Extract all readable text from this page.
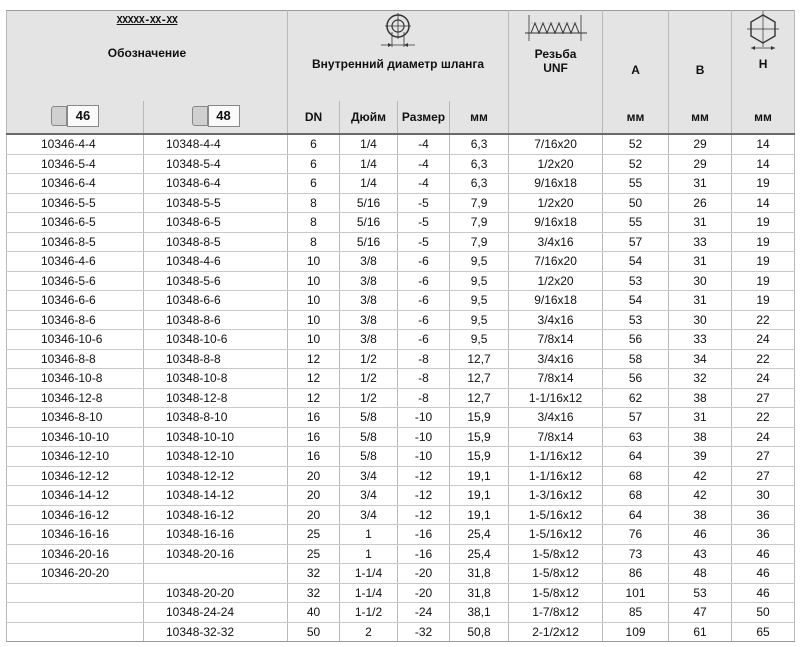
XXXXX-XX-XX
Обозначение		Внутренний диаметр шланга				Резьба
UNF	A	B	H

46	48	DN	Дюйм	Размер	мм		мм	мм	мм
10346-4-4	10348-4-4	6	1/4	-4	6,3	7/16x20	52	29	14
10346-5-4	10348-5-4	6	1/4	-4	6,3	1/2x20	52	29	14
10346-6-4	10348-6-4	6	1/4	-4	6,3	9/16x18	55	31	19
10346-5-5	10348-5-5	8	5/16	-5	7,9	1/2x20	50	26	14
10346-6-5	10348-6-5	8	5/16	-5	7,9	9/16x18	55	31	19
10346-8-5	10348-8-5	8	5/16	-5	7,9	3/4x16	57	33	19
10346-4-6	10348-4-6	10	3/8	-6	9,5	7/16x20	54	31	19
10346-5-6	10348-5-6	10	3/8	-6	9,5	1/2x20	53	30	19
10346-6-6	10348-6-6	10	3/8	-6	9,5	9/16x18	54	31	19
10346-8-6	10348-8-6	10	3/8	-6	9,5	3/4x16	53	30	22
10346-10-6	10348-10-6	10	3/8	-6	9,5	7/8x14	56	33	24
10346-8-8	10348-8-8	12	1/2	-8	12,7	3/4x16	58	34	22
10346-10-8	10348-10-8	12	1/2	-8	12,7	7/8x14	56	32	24
10346-12-8	10348-12-8	12	1/2	-8	12,7	1-1/16x12	62	38	27
10346-8-10	10348-8-10	16	5/8	-10	15,9	3/4x16	57	31	22
10346-10-10	10348-10-10	16	5/8	-10	15,9	7/8x14	63	38	24
10346-12-10	10348-12-10	16	5/8	-10	15,9	1-1/16x12	64	39	27
10346-12-12	10348-12-12	20	3/4	-12	19,1	1-1/16x12	68	42	27
10346-14-12	10348-14-12	20	3/4	-12	19,1	1-3/16x12	68	42	30
10346-16-12	10348-16-12	20	3/4	-12	19,1	1-5/16x12	64	38	36
10346-16-16	10348-16-16	25	1	-16	25,4	1-5/16x12	76	46	36
10346-20-16	10348-20-16	25	1	-16	25,4	1-5/8x12	73	43	46
10346-20-20		32	1-1/4	-20	31,8	1-5/8x12	86	48	46
	10348-20-20	32	1-1/4	-20	31,8	1-5/8x12	101	53	46
	10348-24-24	40	1-1/2	-24	38,1	1-7/8x12	85	47	50
	10348-32-32	50	2	-32	50,8	2-1/2x12	109	61	65
